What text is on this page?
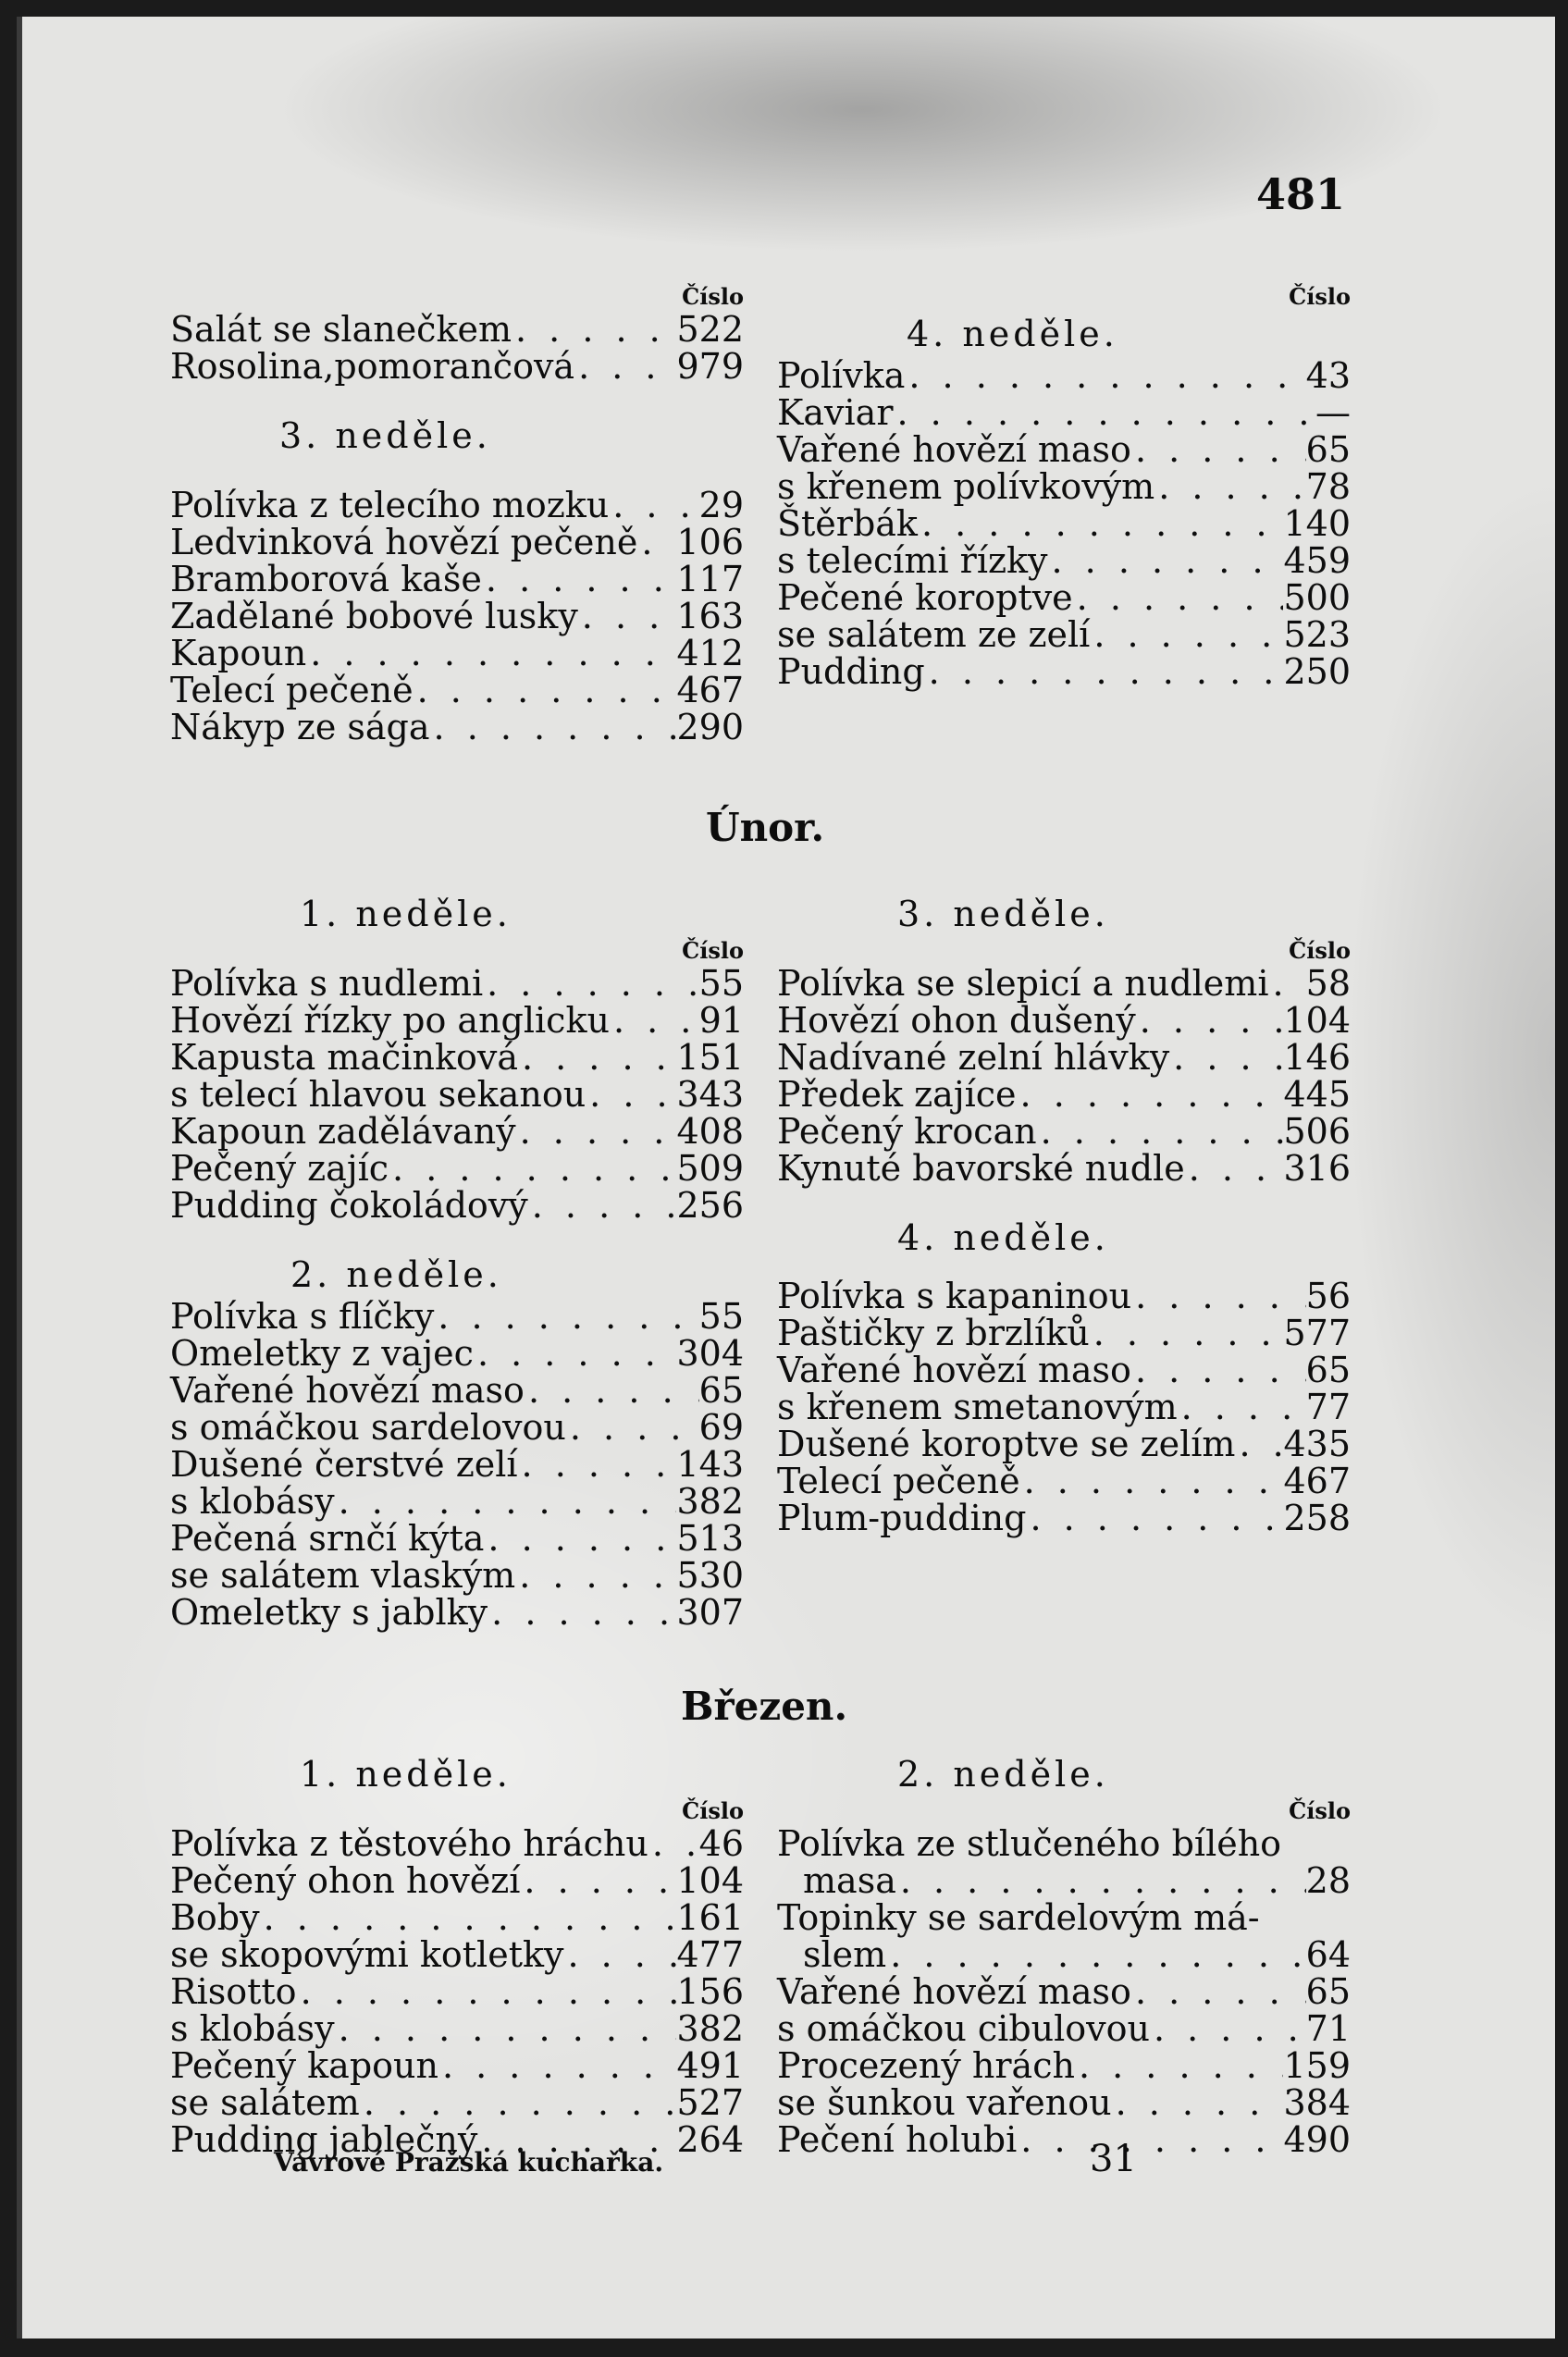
481
Číslo
Salát se slanečkem . . .	522
Rosolina,pomorančová . . .	979
3. neděle.
Polívka z telecího mozku . . .	29
Ledvinková hovězí pečeně . . . 106
Bramborová kaše . . .	117
Zadělané bobové lusky . . .	163
Kapoun . . .	412
Telecí pečeně . . .	467
Nákyp ze sága . . .	290
Číslo
4. neděle.
Polívka . . .	43
Kaviar . . .	—
Vařené hovězí maso . . .	65
s křenem polívkovým . . .	78
Štěrbák . . .	140
s telecími řízky . . .	459
Pečené koroptve . . .	500
se salátem ze zelí . . .	523
Pudding . . .	250
Únor.
1. neděle.
Číslo
Polívka s nudlemi . . .	55
Hovězí řízky po anglicku . . .	91
Kapusta mačinková . . .	151
s telecí hlavou sekanou . . .	343
Kapoun zadělávaný . . .	408
Pečený zajíc . . .	509
Pudding čokoládový . . .	256
2. neděle.
Polívka s flíčky . . .	55
Omeletky z vajec . . .	304
Vařené hovězí maso . . .	65
s omáčkou sardelovou . . .	69
Dušené čerstvé zelí . . .	143
s klobásy . . .	382
Pečená srnčí kýta . . .	513
se salátem vlaským . . .	530
Omeletky s jablky . . .	307
3. neděle.
Číslo
Polívka se slepicí a nudlemi . . . 58
Hovězí ohon dušený . . .	104
Nadívané zelní hlávky . . .	146
Předek zajíce . . .	445
Pečený krocan . . .	506
Kynuté bavorské nudle . . .	316
4. neděle.
Polívka s kapaninou . . .	56
Paštičky z brzlíků . . .	577
Vařené hovězí maso . . .	65
s křenem smetanovým . . .	77
Dušené koroptve se zelím . . . 435
Telecí pečeně . . .	467
Plum-pudding . . .	258
Březen.
1. neděle.
Číslo
Polívka z těstového hráchu . . . 46
Pečený ohon hovězí . . .	104
Boby . . .	161
se skopovými kotletky . . .	477
Risotto . . .	156
s klobásy . . .	382
Pečený kapoun . . .	491
se salátem . . .	527
Pudding jablečný . . .	264
2. neděle.
Číslo
Polívka ze stlučeného bílého
masa . . .	28
Topinky se sardelovým má-
slem . . .	64
Vařené hovězí maso . . .	65
s omáčkou cibulovou . . .	71
Procezený hrách . . .	159
se šunkou vařenou . . .	384
Pečení holubi . . .	490
Vávrové Pražská kuchařka.	31
